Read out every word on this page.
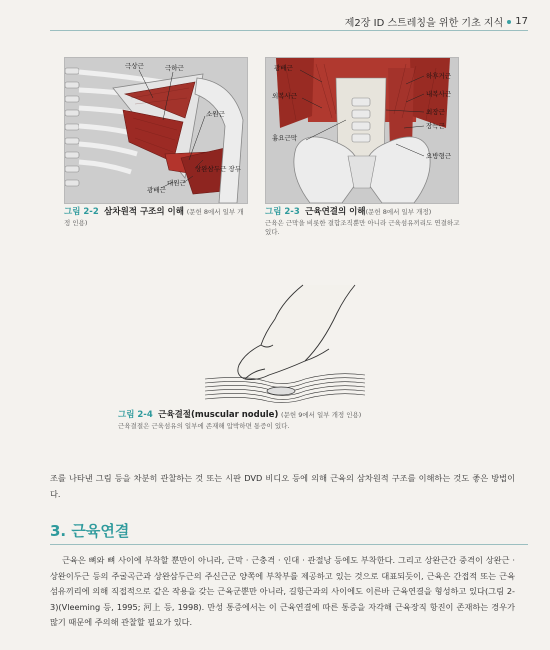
제2장 ID 스트레칭을 위한 기초 지식 17
극상근	극하근
소원근
상완삼두근 장두
대원근
광배근
광배근
외복사근
흉요근막
하후거근
내복사근
최장근
장늑근
요방형근
그림 2-2 삼차원적 구조의 이해 (문헌 8에서 일부 개정 인용)
그림 2-3 근육연결의 이해(문헌 8에서 일부 개정)
근육은 근막을 비롯한 결합조직뿐만 아니라 근육섬유끼리도 연결하고 있다.
그림 2-4 근육결절(muscular nodule) (문헌 9에서 일부 개정 인용)
근육결절은 근육섬유의 일부에 존재해 압박하면 통증이 있다.

조를 나타낸 그림 등을 차분히 관찰하는 것 또는 시판 DVD 비디오 등에 의해 근육의 삼차원적 구조를 이해하는 것도 좋은 방법이다.

3. 근육연결

근육은 뼈와 뼈 사이에 부착할 뿐만이 아니라, 근막 · 근충격 · 인대 · 관절낭 등에도 부착한다. 그리고 상완근간 중격이 상완근 · 상완이두근 등의 주굴곡근과 상완삼두근의 주신근군 양쪽에 부착부를 제공하고 있는 것으로 대표되듯이, 근육은 간접적 또는 근육섬유끼리에 의해 직접적으로 같은 작용을 갖는 근육군뿐만 아니라, 길항근과의 사이에도 이른바 근육연결을 형성하고 있다(그림 2-3)(Vleeming 등, 1995; 河上 등, 1998). 만성 통증에서는 이 근육연결에 따른 통증을 자각해 근육장직 항진이 존재하는 경우가 많기 때문에 주의해 관찰할 필요가 있다.
